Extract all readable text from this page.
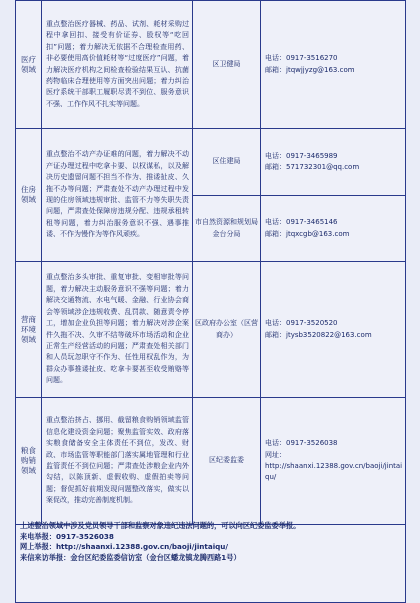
医疗领域	重点整治医疗器械、药品、试剂、耗材采购过程中拿回扣、接受有价证券、股权等“吃回扣”问题；着力解决无依据不合理检查用药、非必要使用高价值耗材等“过度医疗”问题，着力解决医疗机构之间检查检验结果互认、抗菌药物临床合理使用等方面突出问题；着力纠治医疗系统干部职工履职尽责不到位、服务意识不强、工作作风不扎实等问题。	区卫健局	电话：0917-3516270
邮箱：jtqwjjyzg@163.com

住房领域	重点整治不动产办证难的问题，着力解决不动产证办理过程中吃拿卡要、以权谋私，以及解决历史遗留问题不担当不作为、推诿扯皮、久拖不办等问题；严肃查处不动产办理过程中发现的住房领域违规审批、监管不力等失职失责问题，严肃查处保障房违规分配、违规承租转租等问题，着力纠治服务意识不强、遇事推诿、不作为慢作为等作风顽疾。	区住建局	电话：0917-3465989
邮箱：571732301@qq.com

		市自然资源和规划局金台分局	电话：0917-3465146
邮箱：jtqxcgb@163.com

营商环境领域	重点整治多头审批、重复审批、变相审批等问题，着力解决主动服务意识不强等问题；着力解决交通物流、水电气暖、金融、行业协会商会等领域涉企违规收费、乱罚款、随意责令停工，增加企业负担等问题；着力解决对涉企案件久拖不决、久审不结等破坏市场活动和企业正常生产经营活动的问题；严肃查处相关部门和人员玩忽职守不作为、任性用权乱作为，为群众办事推诿扯皮、吃拿卡要甚至收受贿赂等问题。	区政府办公室（区营商办）	电话：0917-3520520
邮箱：jtysb3520822@163.com

粮食购销领域	重点整治挤占、挪用、截留粮食购销领域监管信息化建设资金问题；聚焦监管实效、政府落实粮食储备安全主体责任不到位，发改、财政、市场监管等职能部门落实属地管理和行业监管责任不到位问题；严肃查处涉粮企业内外勾结，以陈顶新、虚假收购、虚假拍卖等问题；督促抓好前期发现问题整改落实，做实以案促改，推动完善制度机制。	区纪委监委	电话：0917-3526038
网址：
http://shaanxi.12388.gov.cn/baoji/jintaiqu/
上述整治领域中涉及党员领导干部和监察对象违纪违法问题的，可以向区纪委监委举报。
来电举报：0917-3526038
网上举报：http://shaanxi.12388.gov.cn/baoji/jintaiqu/
来信来访举报：金台区纪委监委信访室（金台区蟠龙镇龙腾西路1号）
